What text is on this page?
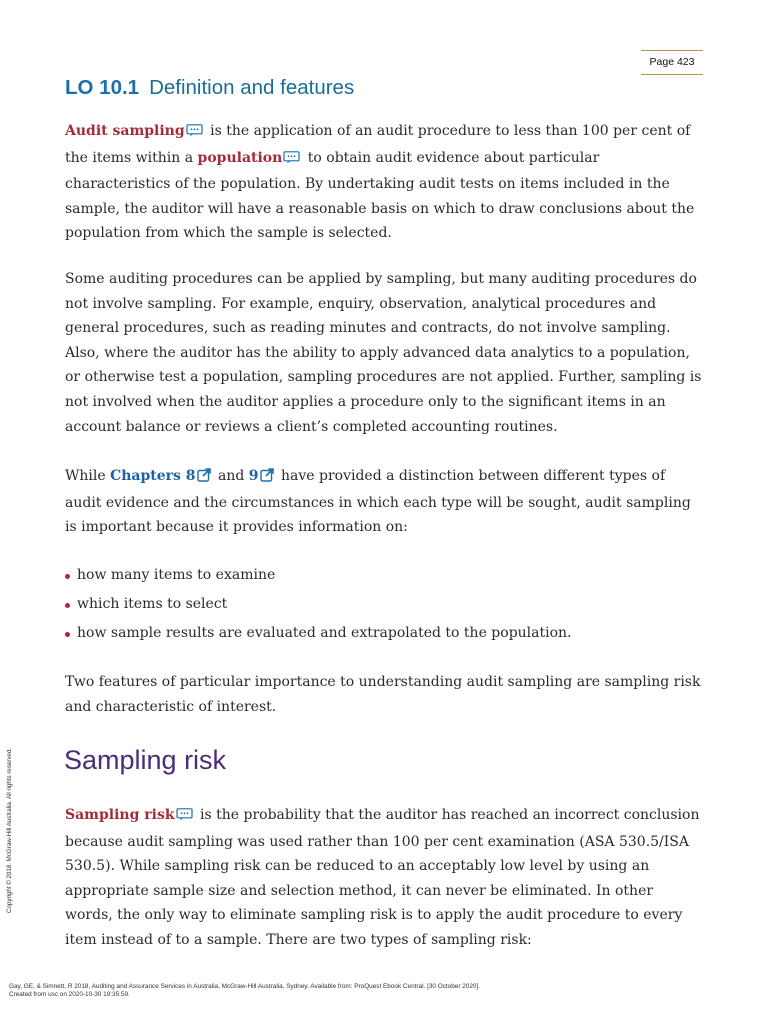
Page 423
LO 10.1 Definition and features

Audit sampling is the application of an audit procedure to less than 100 per cent of the items within a population to obtain audit evidence about particular characteristics of the population. By undertaking audit tests on items included in the sample, the auditor will have a reasonable basis on which to draw conclusions about the population from which the sample is selected.

Some auditing procedures can be applied by sampling, but many auditing procedures do not involve sampling. For example, enquiry, observation, analytical procedures and general procedures, such as reading minutes and contracts, do not involve sampling. Also, where the auditor has the ability to apply advanced data analytics to a population, or otherwise test a population, sampling procedures are not applied. Further, sampling is not involved when the auditor applies a procedure only to the significant items in an account balance or reviews a client’s completed accounting routines.

While Chapters 8 and 9 have provided a distinction between different types of audit evidence and the circumstances in which each type will be sought, audit sampling is important because it provides information on:

how many items to examine
which items to select
how sample results are evaluated and extrapolated to the population.

Two features of particular importance to understanding audit sampling are sampling risk and characteristic of interest.

Sampling risk

Sampling risk is the probability that the auditor has reached an incorrect conclusion because audit sampling was used rather than 100 per cent examination (ASA 530.5/ISA 530.5). While sampling risk can be reduced to an acceptably low level by using an appropriate sample size and selection method, it can never be eliminated. In other words, the only way to eliminate sampling risk is to apply the audit procedure to every item instead of to a sample. There are two types of sampling risk:

Copyright © 2018. McGraw-Hill Australia. All rights reserved.
Gay, GE, & Simnett, R 2018, Auditing and Assurance Services in Australia, McGraw-Hill Australia, Sydney. Available from: ProQuest Ebook Central. [30 October 2020].
Created from usc on 2020-10-30 19:35:59.
